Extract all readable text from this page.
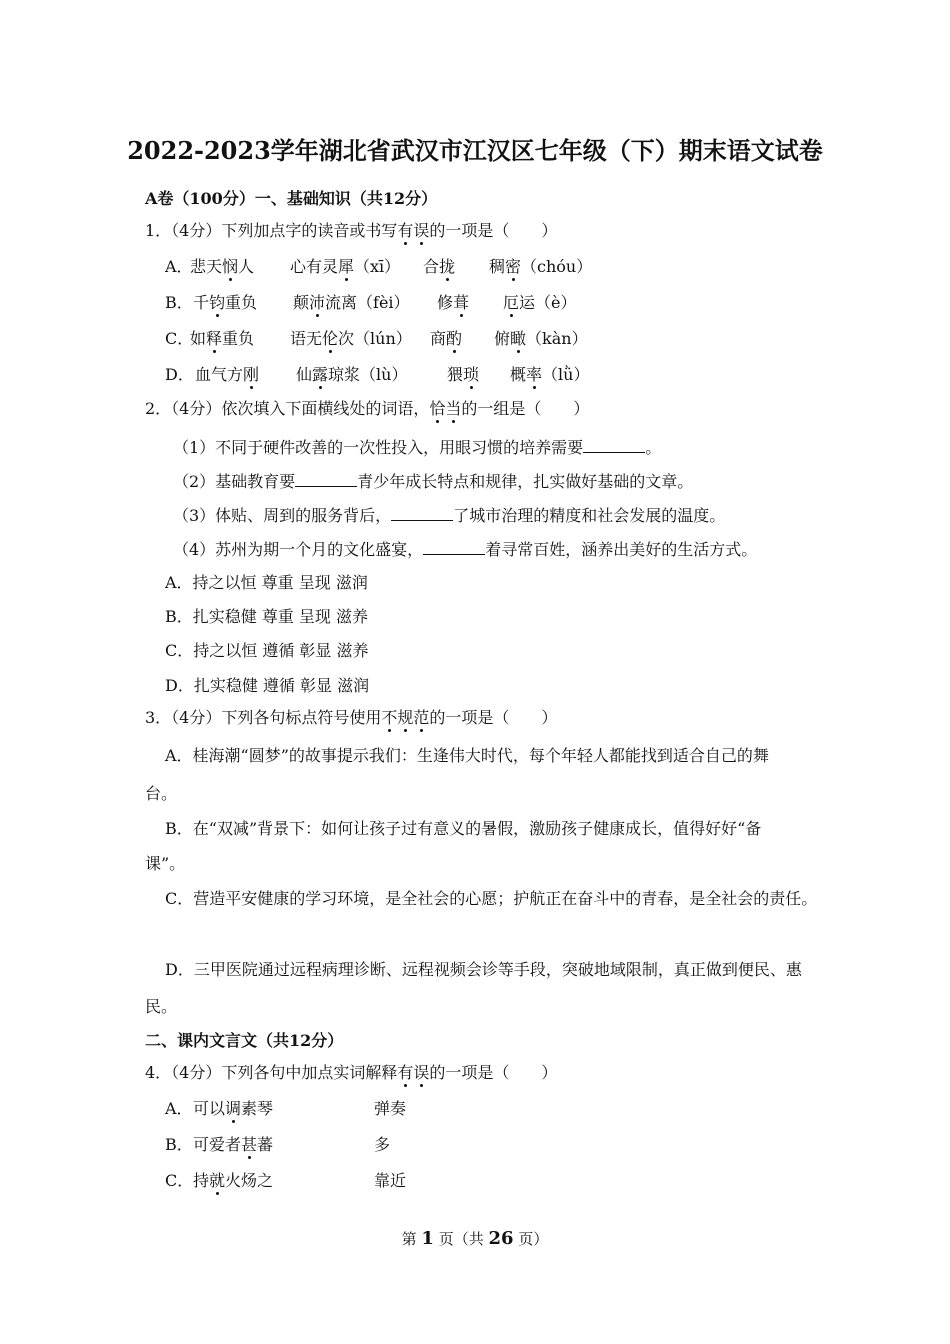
2022-2023学年湖北省武汉市江汉区七年级（下）期末语文试卷
A卷（100分）一、基础知识（共12分）
1．（4分）下列加点字的读音或书写有误的一项是（　　）
A．
悲天悯人 心有灵犀（xī） 合拢 稠密（chóu）
B． 千钧重负 颠沛流离（fèi） 修葺 厄运（è）
C．
如释重负 语无伦次（lún） 商酌 俯瞰（kàn）
D． 血气方刚 仙露琼浆（lù） 猥琐 概率（lǜ）
2．（4分）依次填入下面横线处的词语，恰当的一组是（　　）
（1）不同于硬件改善的一次性投入，用眼习惯的培养需要	。
（2）基础教育要	青少年成长特点和规律，扎实做好基础的文章。
（3）体贴、周到的服务背后，	了城市治理的精度和社会发展的温度。
（4）苏州为期一个月的文化盛宴，	着寻常百姓，涵养出美好的生活方式。
A．持之以恒 尊重 呈现 滋润
B．扎实稳健 尊重 呈现 滋养
C．持之以恒 遵循 彰显 滋养
D．扎实稳健 遵循 彰显 滋润
3．（4分）下列各句标点符号使用不规范的一项是（　　）
A．桂海潮“圆梦”的故事提示我们：生逢伟大时代，每个年轻人都能找到适合自己的舞
台。
B．在“双减”背景下：如何让孩子过有意义的暑假，激励孩子健康成长，值得好好“备
课”。
C．营造平安健康的学习环境，是全社会的心愿；护航正在奋斗中的青春，是全社会的责任。
D．三甲医院通过远程病理诊断、远程视频会诊等手段，突破地域限制，真正做到便民、惠
民。
二、课内文言文（共12分）
4．（4分）下列各句中加点实词解释有误的一项是（　　）
A． 可以调素琴	弹奏
B． 可爱者甚蕃	多
C． 持就火炀之	靠近
第 1 页（共 26 页）
